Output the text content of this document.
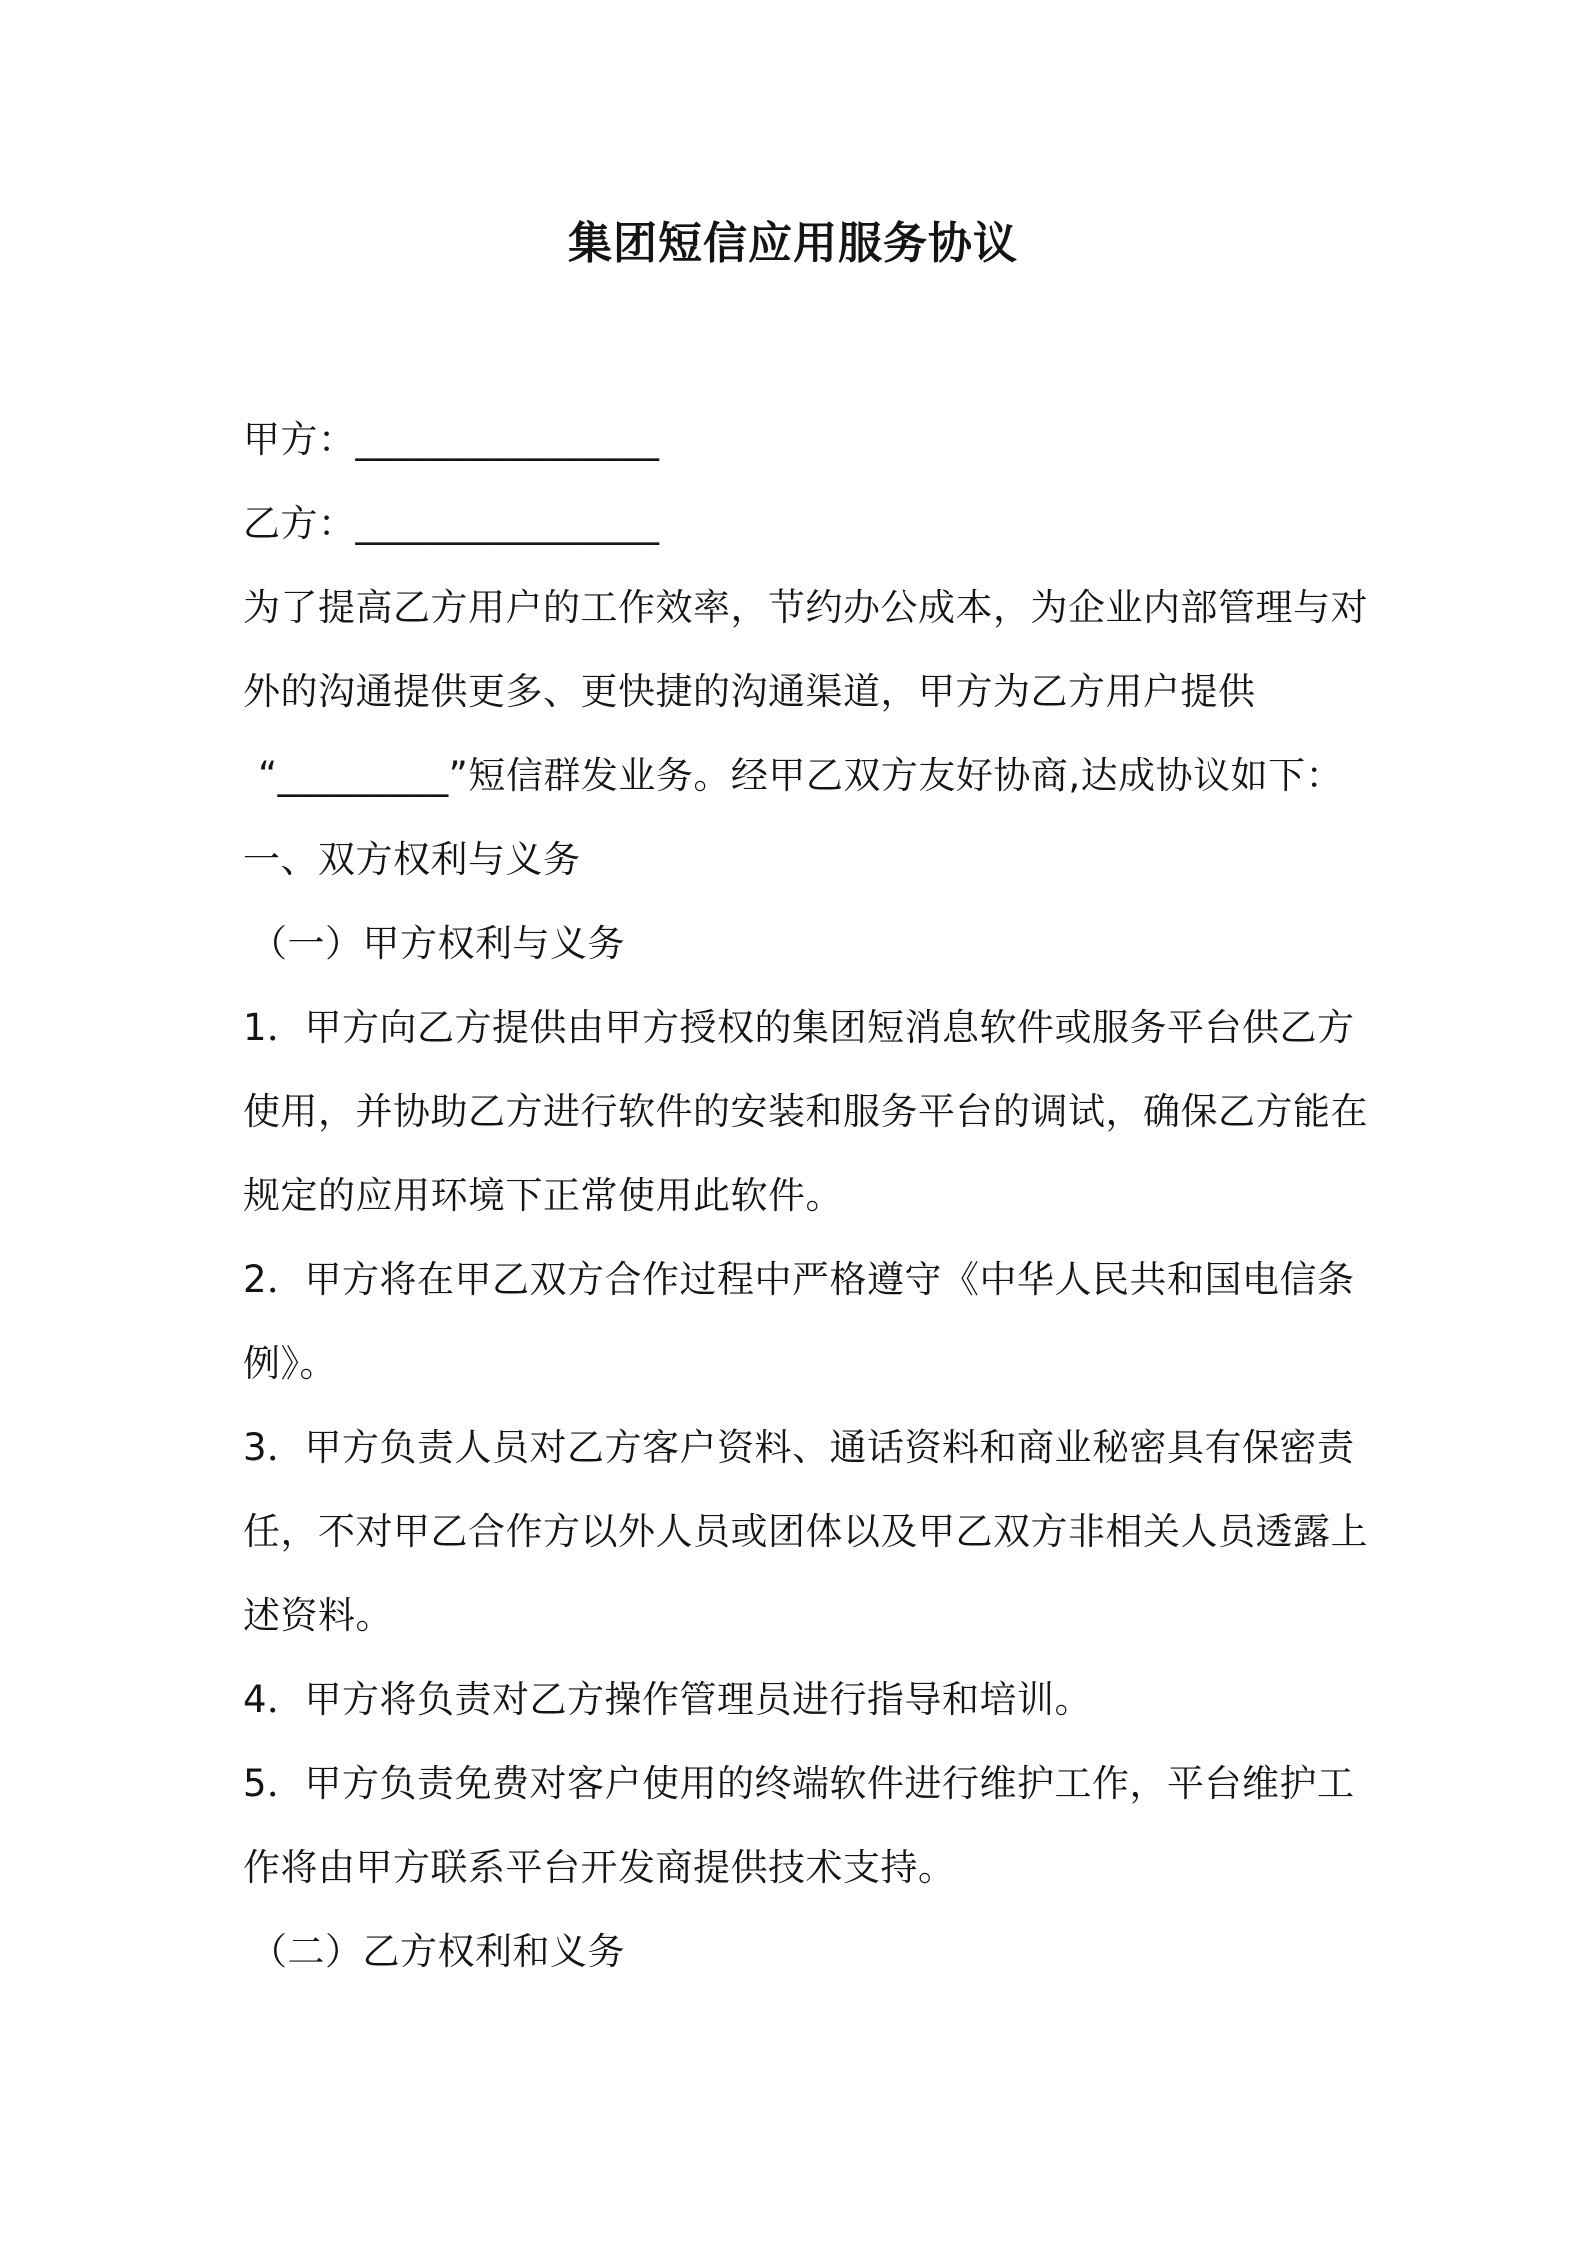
集团短信应用服务协议
甲方：________________
乙方：________________
为了提高乙方用户的工作效率，节约办公成本，为企业内部管理与对
外的沟通提供更多、更快捷的沟通渠道，甲方为乙方用户提供
“_________”短信群发业务。经甲乙双方友好协商,达成协议如下：
一、双方权利与义务
（一）甲方权利与义务
1．甲方向乙方提供由甲方授权的集团短消息软件或服务平台供乙方
使用，并协助乙方进行软件的安装和服务平台的调试，确保乙方能在
规定的应用环境下正常使用此软件。
2．甲方将在甲乙双方合作过程中严格遵守《中华人民共和国电信条
例》。
3．甲方负责人员对乙方客户资料、通话资料和商业秘密具有保密责
任，不对甲乙合作方以外人员或团体以及甲乙双方非相关人员透露上
述资料。
4．甲方将负责对乙方操作管理员进行指导和培训。
5．甲方负责免费对客户使用的终端软件进行维护工作，平台维护工
作将由甲方联系平台开发商提供技术支持。
（二）乙方权利和义务
